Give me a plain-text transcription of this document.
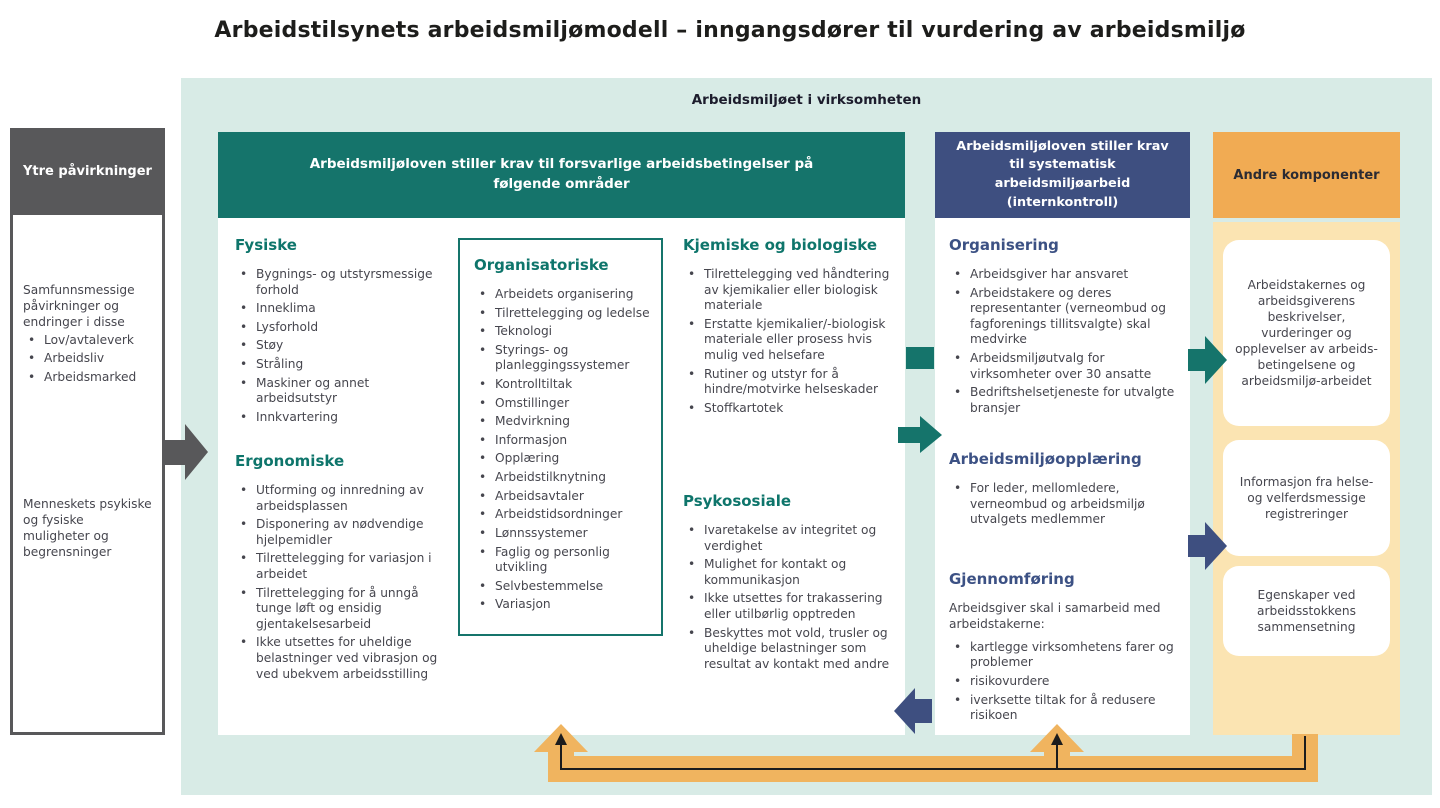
Arbeidstilsynets arbeidsmiljømodell – inngangsdører til vurdering av arbeidsmiljø
Arbeidsmiljøet i virksomheten
Ytre påvirkninger

Samfunnsmessige påvirkninger og endringer i disse

• Lov/avtaleverk
• Arbeidsliv
• Arbeidsmarked

Menneskets psykiske og fysiske muligheter og begrensninger

Arbeidsmiljøloven stiller krav til forsvarlige arbeidsbetingelser på følgende områder
Fysiske
• Bygnings- og utstyrsmessige forhold
• Inneklima
• Lysforhold
• Støy
• Stråling
• Maskiner og annet arbeidsutstyr
• Innkvartering
Ergonomiske
• Utforming og innredning av arbeidsplassen
• Disponering av nødvendige hjelpemidler
• Tilrettelegging for variasjon i arbeidet
• Tilrettelegging for å unngå tunge løft og ensidig gjentakelsesarbeid
• Ikke utsettes for uheldige belastninger ved vibrasjon og ved ubekvem arbeidsstilling
Organisatoriske
• Arbeidets organisering
• Tilrettelegging og ledelse
• Teknologi
• Styrings- og planleggingssystemer
• Kontrolltiltak
• Omstillinger
• Medvirkning
• Informasjon
• Opplæring
• Arbeidstilknytning
• Arbeidsavtaler
• Arbeidstidsordninger
• Lønnssystemer
• Faglig og personlig utvikling
• Selvbestemmelse
• Variasjon
Kjemiske og biologiske
• Tilrettelegging ved håndtering av kjemikalier eller biologisk materiale
• Erstatte kjemikalier/-biologisk materiale eller prosess hvis mulig ved helsefare
• Rutiner og utstyr for å hindre/motvirke helseskader
• Stoffkartotek
Psykososiale
• Ivaretakelse av integritet og verdighet
• Mulighet for kontakt og kommunikasjon
• Ikke utsettes for trakassering eller utilbørlig opptreden
• Beskyttes mot vold, trusler og uheldige belastninger som resultat av kontakt med andre
Arbeidsmiljøloven stiller krav til systematisk arbeidsmiljøarbeid (internkontroll)
Organisering
• Arbeidsgiver har ansvaret
• Arbeidstakere og deres representanter (verneombud og fagforenings tillitsvalgte) skal medvirke
• Arbeidsmiljøutvalg for virksomheter over 30 ansatte
• Bedriftshelsetjeneste for utvalgte bransjer
Arbeidsmiljøopplæring
• For leder, mellomledere, verneombud og arbeidsmiljø utvalgets medlemmer
Gjennomføring

Arbeidsgiver skal i samarbeid med arbeidstakerne:

• kartlegge virksomhetens farer og problemer
• risikovurdere
• iverksette tiltak for å redusere risikoen
Andre komponenter
Arbeidstakernes og arbeidsgiverens beskrivelser, vurderinger og opplevelser av arbeids-betingelsene og arbeidsmiljø-arbeidet
Informasjon fra helse- og velferdsmessige registreringer
Egenskaper ved arbeidsstokkens sammensetning
